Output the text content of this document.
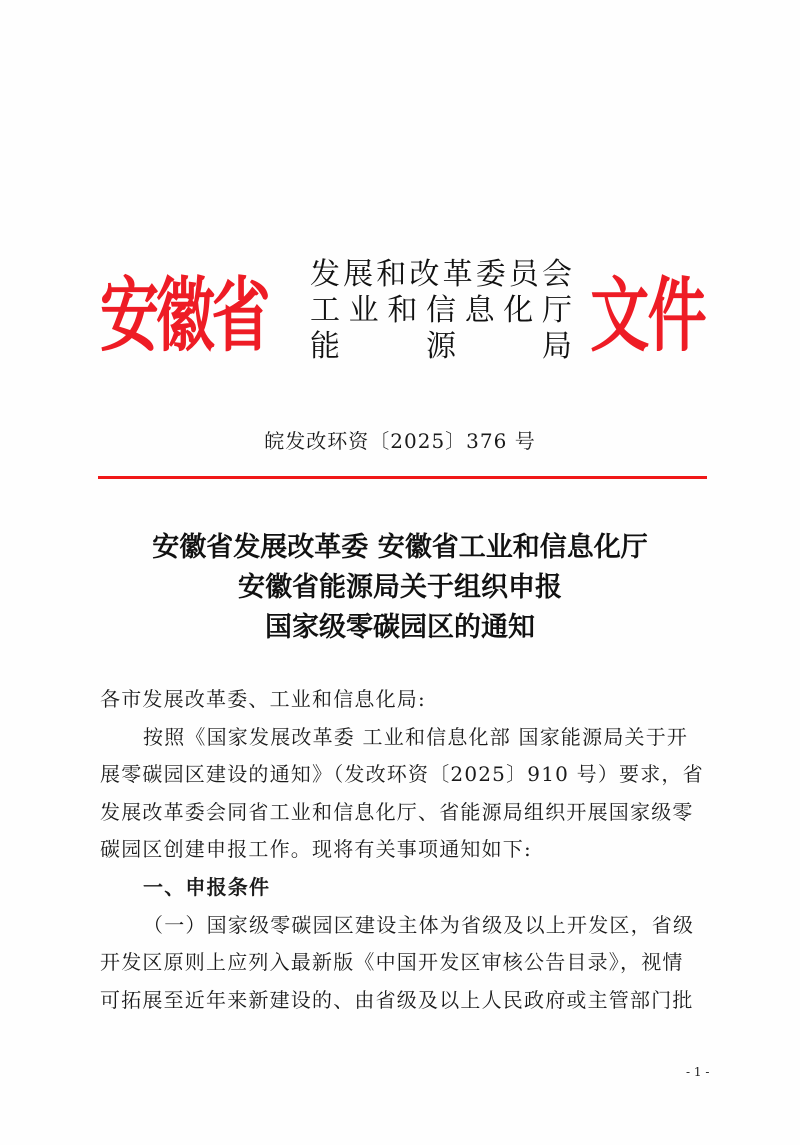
安徽省 发 展 和 改 革 委 员 会
工 业 和 信 息 化 厅
能	源	局 文件
皖发改环资〔2025〕376 号
安徽省发展改革委 安徽省工业和信息化厅
安徽省能源局关于组织申报
国家级零碳园区的通知
各市发展改革委、工业和信息化局:
按照《国家发展改革委 工业和信息化部 国家能源局关于开
展零碳园区建设的通知》（发改环资〔2025〕910 号）要求，省
发展改革委会同省工业和信息化厅、省能源局组织开展国家级零
碳园区创建申报工作。现将有关事项通知如下:
一、申报条件
（一）国家级零碳园区建设主体为省级及以上开发区，省级
开发区原则上应列入最新版《中国开发区审核公告目录》，视情
可拓展至近年来新建设的、由省级及以上人民政府或主管部门批
- 1 -
